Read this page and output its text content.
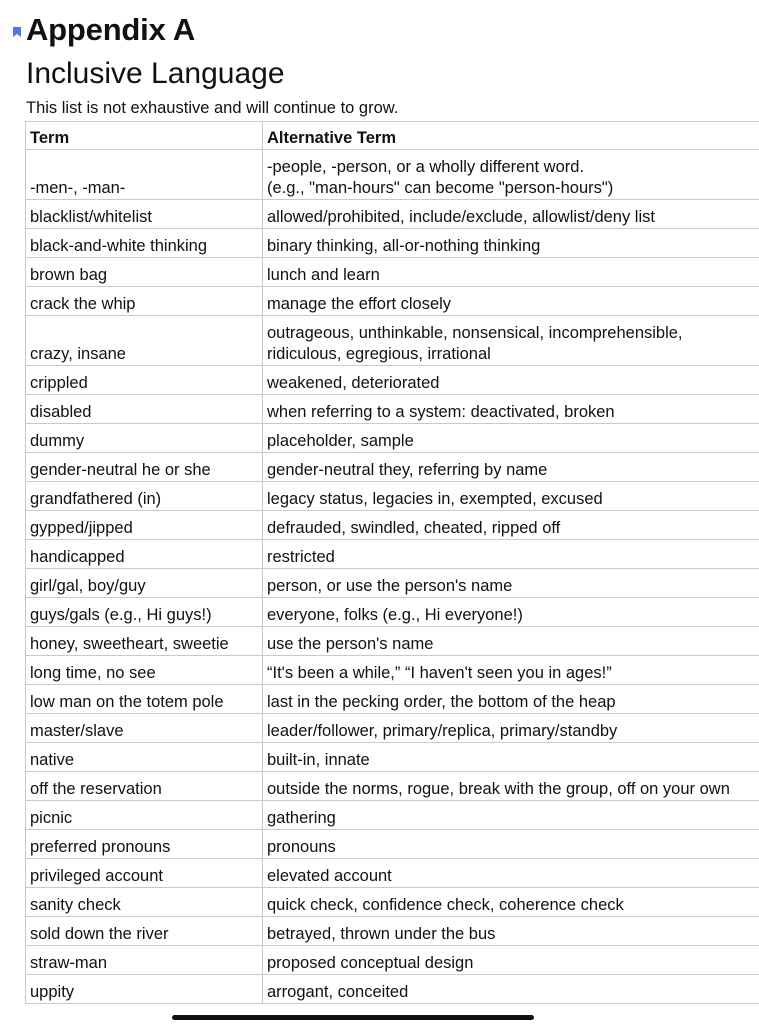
Appendix A
Inclusive Language

This list is not exhaustive and will continue to grow.

Term	Alternative Term
-men-, -man-	-people, -person, or a wholly different word.
(e.g., "man-hours" can become "person-hours")
blacklist/whitelist	allowed/prohibited, include/exclude, allowlist/deny list
black-and-white thinking	binary thinking, all-or-nothing thinking
brown bag	lunch and learn
crack the whip	manage the effort closely
crazy, insane	outrageous, unthinkable, nonsensical, incomprehensible,
ridiculous, egregious, irrational
crippled	weakened, deteriorated
disabled	when referring to a system: deactivated, broken
dummy	placeholder, sample
gender-neutral he or she	gender-neutral they, referring by name
grandfathered (in)	legacy status, legacies in, exempted, excused
gypped/jipped	defrauded, swindled, cheated, ripped off
handicapped	restricted
girl/gal, boy/guy	person, or use the person's name
guys/gals (e.g., Hi guys!)	everyone, folks (e.g., Hi everyone!)
honey, sweetheart, sweetie	use the person's name
long time, no see	“It's been a while,” “I haven't seen you in ages!”
low man on the totem pole	last in the pecking order, the bottom of the heap
master/slave	leader/follower, primary/replica, primary/standby
native	built-in, innate
off the reservation	outside the norms, rogue, break with the group, off on your own
picnic	gathering
preferred pronouns	pronouns
privileged account	elevated account
sanity check	quick check, confidence check, coherence check
sold down the river	betrayed, thrown under the bus
straw-man	proposed conceptual design
uppity	arrogant, conceited
